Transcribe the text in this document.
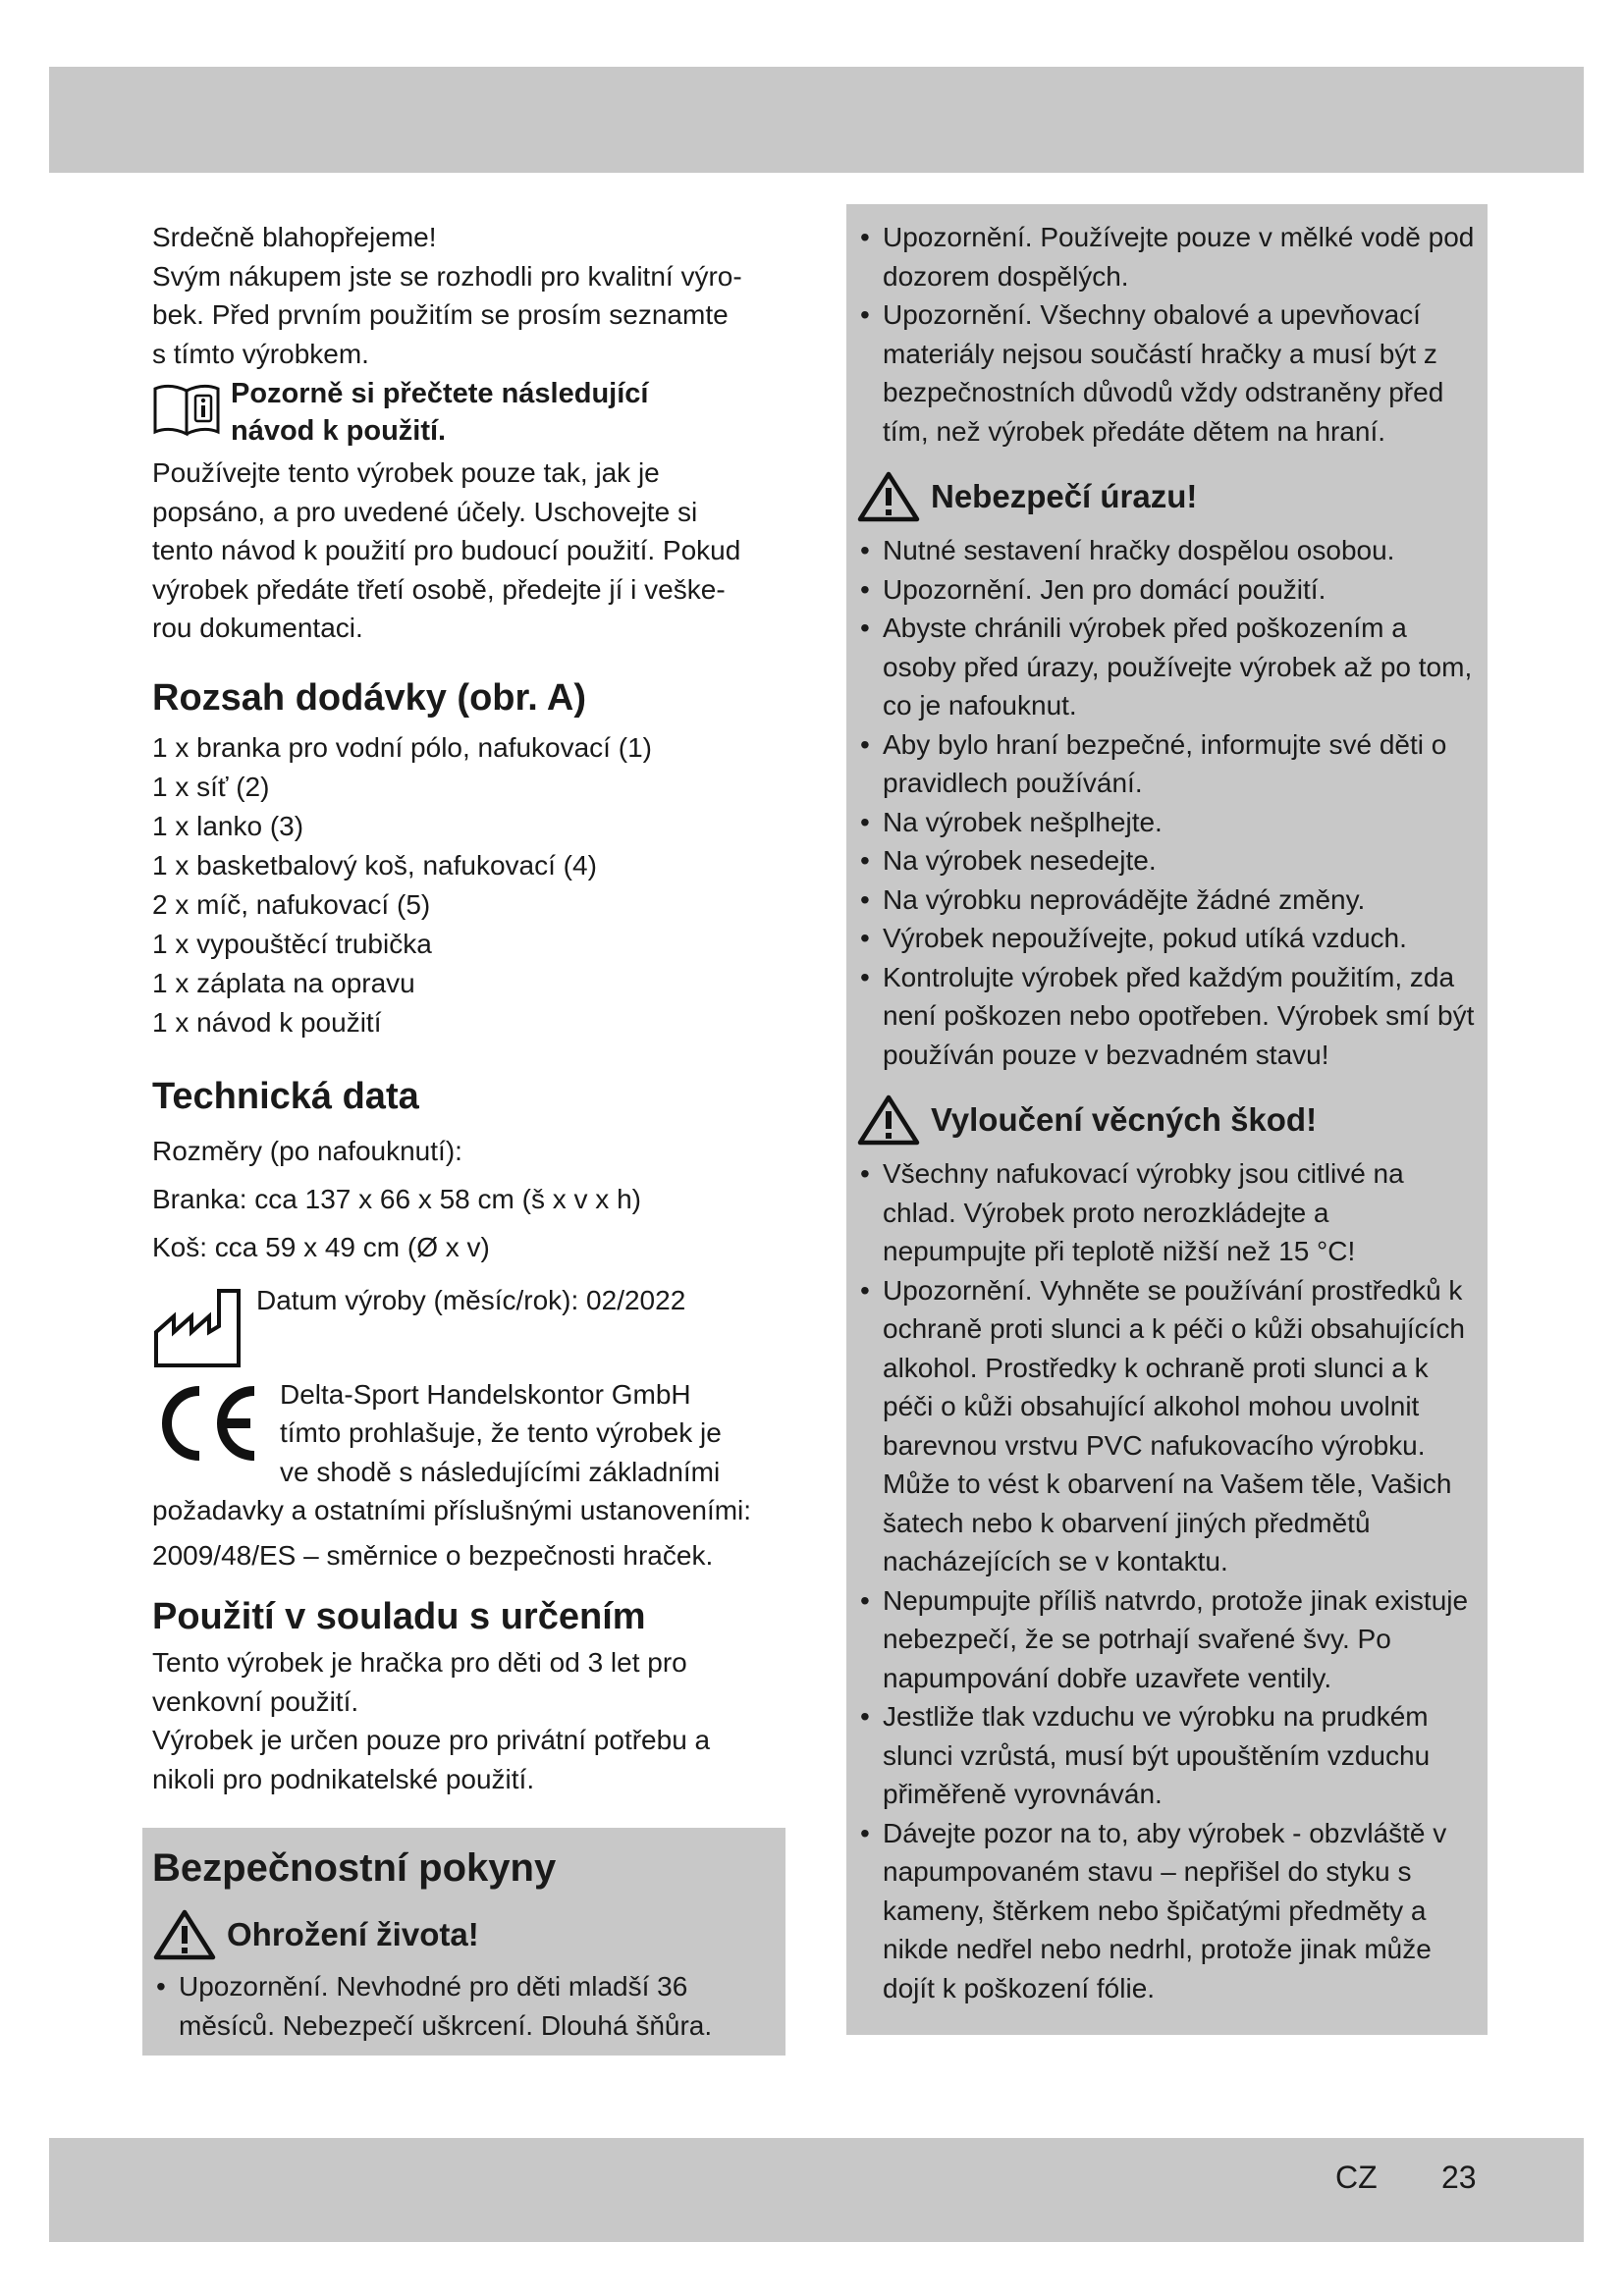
Srdečně blahopřejeme!

Svým nákupem jste se rozhodli pro kvalitní výro-

bek. Před prvním použitím se prosím seznamte

s tímto výrobkem.

Pozorně si přečtete následující
návod k použití.

Používejte tento výrobek pouze tak, jak je

popsáno, a pro uvedené účely. Uschovejte si

tento návod k použití pro budoucí použití. Pokud

výrobek předáte třetí osobě, předejte jí i veške-

rou dokumentaci.

Rozsah dodávky (obr. A)

1 x branka pro vodní pólo, nafukovací (1)

1 x síť (2)

1 x lanko (3)

1 x basketbalový koš, nafukovací (4)

2 x míč, nafukovací (5)

1 x vypouštěcí trubička

1 x záplata na opravu

1 x návod k použití

Technická data

Rozměry (po nafouknutí):

Branka: cca 137 x 66 x 58 cm (š x v x h)

Koš: cca 59 x 49 cm (Ø x v)

Datum výroby (měsíc/rok): 02/2022

Delta-Sport Handelskontor GmbH

tímto prohlašuje, že tento výrobek je

ve shodě s následujícími základními

požadavky a ostatními příslušnými ustanoveními:

2009/48/ES – směrnice o bezpečnosti hraček.

Použití v souladu s určením

Tento výrobek je hračka pro děti od 3 let pro

venkovní použití.

Výrobek je určen pouze pro privátní potřebu a

nikoli pro podnikatelské použití.

Bezpečnostní pokyny
Ohrožení života!
• Upozornění. Nevhodné pro děti mladší 36 měsíců. Nebezpečí uškrcení. Dlouhá šňůra.
• Upozornění. Používejte pouze v mělké vodě pod dozorem dospělých.
• Upozornění. Všechny obalové a upevňovací materiály nejsou součástí hračky a musí být z bezpečnostních důvodů vždy odstraněny před tím, než výrobek předáte dětem na hraní.
Nebezpečí úrazu!
• Nutné sestavení hračky dospělou osobou.
• Upozornění. Jen pro domácí použití.
• Abyste chránili výrobek před poškozením a osoby před úrazy, používejte výrobek až po tom, co je nafouknut.
• Aby bylo hraní bezpečné, informujte své děti o pravidlech používání.
• Na výrobek nešplhejte.
• Na výrobek nesedejte.
• Na výrobku neprovádějte žádné změny.
• Výrobek nepoužívejte, pokud utíká vzduch.
• Kontrolujte výrobek před každým použitím, zda není poškozen nebo opotřeben. Výrobek smí být používán pouze v bezvadném stavu!
Vyloučení věcných škod!
• Všechny nafukovací výrobky jsou citlivé na chlad. Výrobek proto nerozkládejte a nepumpujte při teplotě nižší než 15 °C!
• Upozornění. Vyhněte se používání prostředků k ochraně proti slunci a k péči o kůži obsahujících alkohol. Prostředky k ochraně proti slunci a k péči o kůži obsahující alkohol mohou uvolnit barevnou vrstvu PVC nafukovacího výrobku. Může to vést k obarvení na Vašem těle, Vašich šatech nebo k obarvení jiných předmětů nacházejících se v kontaktu.
• Nepumpujte příliš natvrdo, protože jinak existuje nebezpečí, že se potrhají svařené švy. Po napumpování dobře uzavřete ventily.
• Jestliže tlak vzduchu ve výrobku na prudkém slunci vzrůstá, musí být upouštěním vzduchu přiměřeně vyrovnáván.
• Dávejte pozor na to, aby výrobek - obzvláště v napumpovaném stavu – nepřišel do styku s kameny, štěrkem nebo špičatými předměty a nikde nedřel nebo nedrhl, protože jinak může dojít k poškození fólie.
CZ 23
